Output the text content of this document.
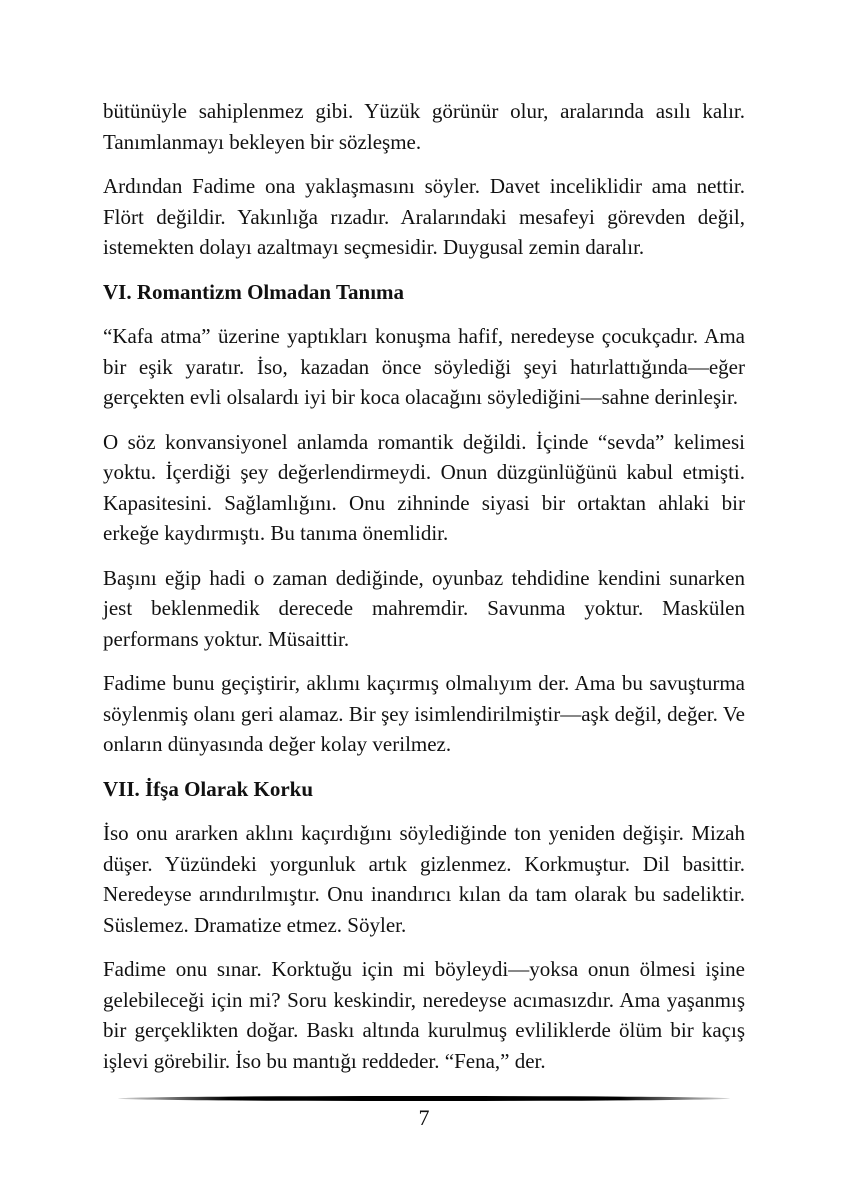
bütünüyle sahiplenmez gibi. Yüzük görünür olur, aralarında asılı kalır. Tanımlanmayı bekleyen bir sözleşme.

Ardından Fadime ona yaklaşmasını söyler. Davet inceliklidir ama nettir. Flört değildir. Yakınlığa rızadır. Aralarındaki mesafeyi görevden değil, istemekten dolayı azaltmayı seçmesidir. Duygusal zemin daralır.

VI. Romantizm Olmadan Tanıma

“Kafa atma” üzerine yaptıkları konuşma hafif, neredeyse çocukçadır. Ama bir eşik yaratır. İso, kazadan önce söylediği şeyi hatırlattığında—eğer gerçekten evli olsalardı iyi bir koca olacağını söylediğini—sahne derinleşir.

O söz konvansiyonel anlamda romantik değildi. İçinde “sevda” kelimesi yoktu. İçerdiği şey değerlendirmeydi. Onun düzgünlüğünü kabul etmişti. Kapasitesini. Sağlamlığını. Onu zihninde siyasi bir ortaktan ahlaki bir erkeğe kaydırmıştı. Bu tanıma önemlidir.

Başını eğip hadi o zaman dediğinde, oyunbaz tehdidine kendini sunarken jest beklenmedik derecede mahremdir. Savunma yoktur. Maskülen performans yoktur. Müsaittir.

Fadime bunu geçiştirir, aklımı kaçırmış olmalıyım der. Ama bu savuşturma söylenmiş olanı geri alamaz. Bir şey isimlendirilmiştir—aşk değil, değer. Ve onların dünyasında değer kolay verilmez.

VII. İfşa Olarak Korku

İso onu ararken aklını kaçırdığını söylediğinde ton yeniden değişir. Mizah düşer. Yüzündeki yorgunluk artık gizlenmez. Korkmuştur. Dil basittir. Neredeyse arındırılmıştır. Onu inandırıcı kılan da tam olarak bu sadeliktir. Süslemez. Dramatize etmez. Söyler.

Fadime onu sınar. Korktuğu için mi böyleydi—yoksa onun ölmesi işine gelebileceği için mi? Soru keskindir, neredeyse acımasızdır. Ama yaşanmış bir gerçeklikten doğar. Baskı altında kurulmuş evliliklerde ölüm bir kaçış işlevi görebilir. İso bu mantığı reddeder. “Fena,” der.

7
